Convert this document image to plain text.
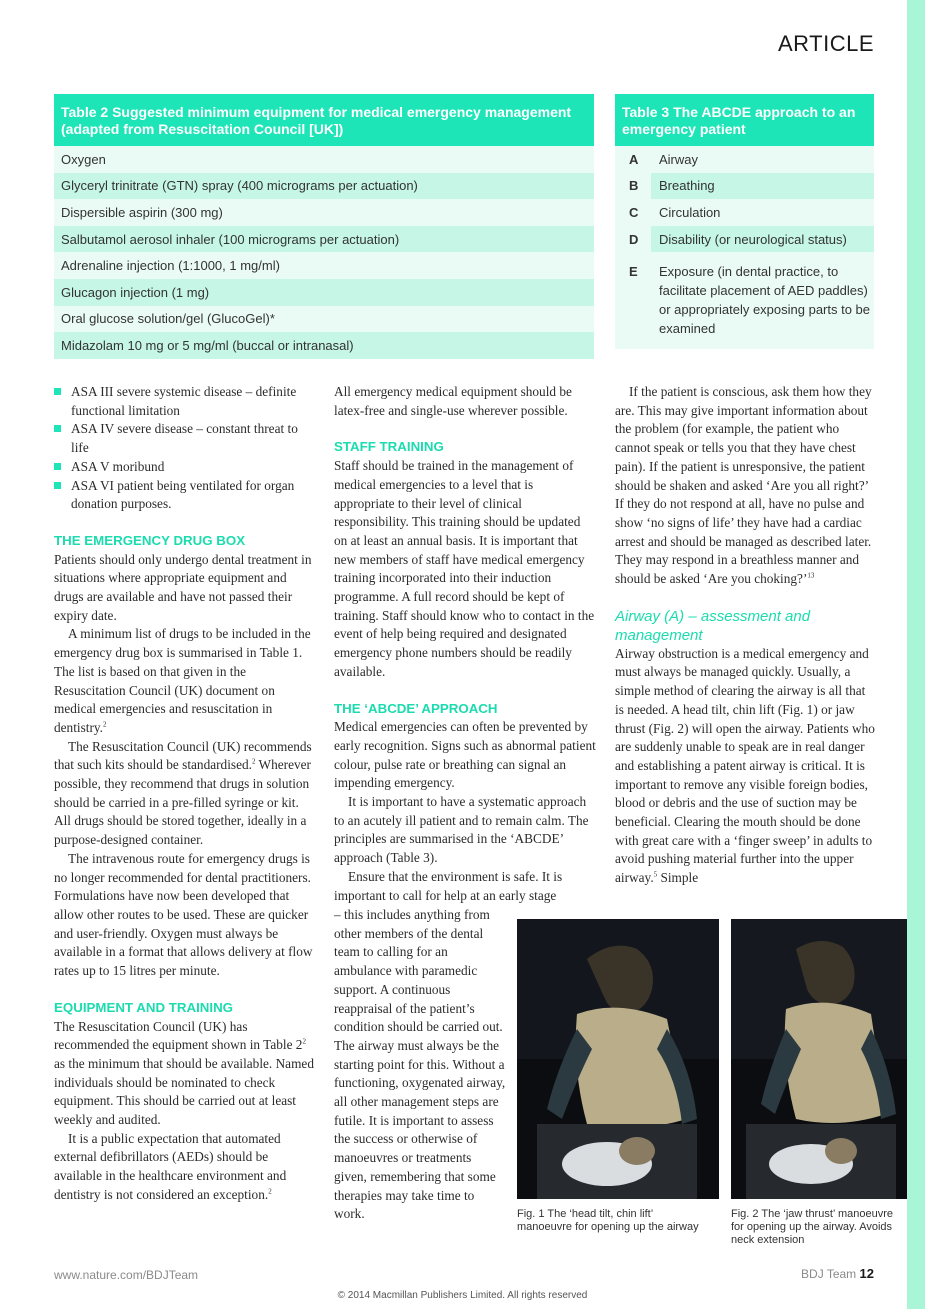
ARTICLE
Table 2 Suggested minimum equipment for medical emergency management (adapted from Resuscitation Council [UK])
Oxygen
Glyceryl trinitrate (GTN) spray (400 micrograms per actuation)
Dispersible aspirin (300 mg)
Salbutamol aerosol inhaler (100 micrograms per actuation)
Adrenaline injection (1:1000, 1 mg/ml)
Glucagon injection (1 mg)
Oral glucose solution/gel (GlucoGel)*
Midazolam 10 mg or 5 mg/ml (buccal or intranasal)
Table 3 The ABCDE approach to an emergency patient
A	Airway
B	Breathing
C	Circulation
D	Disability (or neurological status)
E	Exposure (in dental practice, to facilitate placement of AED paddles) or appropriately exposing parts to be examined
ASA III severe systemic disease – definite functional limitation
ASA IV severe disease – constant threat to life
ASA V moribund
ASA VI patient being ventilated for organ donation purposes.
THE EMERGENCY DRUG BOX

Patients should only undergo dental treatment in situations where appropriate equipment and drugs are available and have not passed their expiry date.

A minimum list of drugs to be included in the emergency drug box is summarised in Table 1. The list is based on that given in the Resuscitation Council (UK) document on medical emergencies and resuscitation in dentistry.$^2$

The Resuscitation Council (UK) recommends that such kits should be standardised.$^2$ Wherever possible, they recommend that drugs in solution should be carried in a pre-filled syringe or kit. All drugs should be stored together, ideally in a purpose-designed container.

The intravenous route for emergency drugs is no longer recommended for dental practitioners. Formulations have now been developed that allow other routes to be used. These are quicker and user-friendly. Oxygen must always be available in a format that allows delivery at flow rates up to 15 litres per minute.

EQUIPMENT AND TRAINING

The Resuscitation Council (UK) has recommended the equipment shown in Table $2^2$ as the minimum that should be available. Named individuals should be nominated to check equipment. This should be carried out at least weekly and audited.

It is a public expectation that automated external defibrillators (AEDs) should be available in the healthcare environment and dentistry is not considered an exception.$^2$

All emergency medical equipment should be latex-free and single-use wherever possible.

STAFF TRAINING

Staff should be trained in the management of medical emergencies to a level that is appropriate to their level of clinical responsibility. This training should be updated on at least an annual basis. It is important that new members of staff have medical emergency training incorporated into their induction programme. A full record should be kept of training. Staff should know who to contact in the event of help being required and designated emergency phone numbers should be readily available.

THE ‘ABCDE’ APPROACH

Medical emergencies can often be prevented by early recognition. Signs such as abnormal patient colour, pulse rate or breathing can signal an impending emergency.

It is important to have a systematic approach to an acutely ill patient and to remain calm. The principles are summarised in the ‘ABCDE’ approach (Table 3).

Ensure that the environment is safe. It is important to call for help at an early stage

– this includes anything from other members of the dental team to calling for an ambulance with paramedic support. A continuous reappraisal of the patient’s condition should be carried out. The airway must always be the starting point for this. Without a functioning, oxygenated airway, all other management steps are futile. It is important to assess the success or otherwise of manoeuvres or treatments given, remembering that some therapies may take time to work.

If the patient is conscious, ask them how they are. This may give important information about the problem (for example, the patient who cannot speak or tells you that they have chest pain). If the patient is unresponsive, the patient should be shaken and asked ‘Are you all right?’ If they do not respond at all, have no pulse and show ‘no signs of life’ they have had a cardiac arrest and should be managed as described later. They may respond in a breathless manner and should be asked ‘Are you choking?’$^{13}$

Airway (A) – assessment and management

Airway obstruction is a medical emergency and must always be managed quickly. Usually, a simple method of clearing the airway is all that is needed. A head tilt, chin lift (Fig. 1) or jaw thrust (Fig. 2) will open the airway. Patients who are suddenly unable to speak are in real danger and establishing a patent airway is critical. It is important to remove any visible foreign bodies, blood or debris and the use of suction may be beneficial. Clearing the mouth should be done with great care with a ‘finger sweep’ in adults to avoid pushing material further into the upper airway.$^5$ Simple

Fig. 1 The ‘head tilt, chin lift’ manoeuvre for opening up the airway
Fig. 2 The ‘jaw thrust’ manoeuvre for opening up the airway. Avoids neck extension
www.nature.com/BDJTeam	BDJ Team 12
© 2014 Macmillan Publishers Limited. All rights reserved
